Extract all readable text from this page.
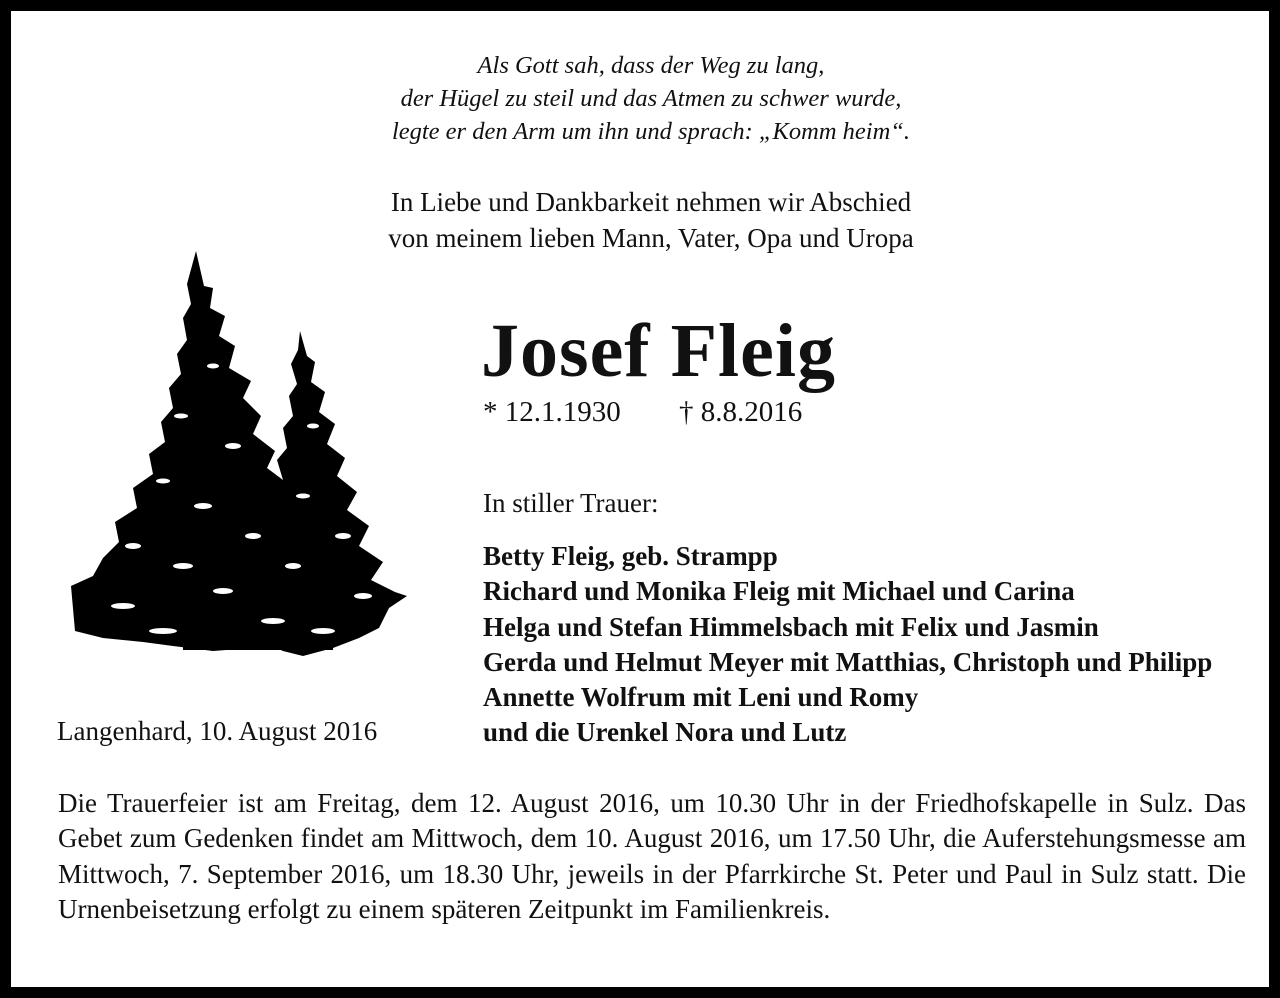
Als Gott sah, dass der Weg zu lang,
der Hügel zu steil und das Atmen zu schwer wurde,
legte er den Arm um ihn und sprach: „Komm heim“.
In Liebe und Dankbarkeit nehmen wir Abschied
von meinem lieben Mann, Vater, Opa und Uropa
Josef Fleig
* 12.1.1930 † 8.8.2016
In stiller Trauer:
Betty Fleig, geb. Strampp
Richard und Monika Fleig mit Michael und Carina
Helga und Stefan Himmelsbach mit Felix und Jasmin
Gerda und Helmut Meyer mit Matthias, Christoph und Philipp
Annette Wolfrum mit Leni und Romy
und die Urenkel Nora und Lutz
Langenhard, 10. August 2016
Die Trauerfeier ist am Freitag, dem 12. August 2016, um 10.30 Uhr in der Friedhofskapelle in Sulz. Das Gebet zum Gedenken findet am Mittwoch, dem 10. August 2016, um 17.50 Uhr, die Auferstehungsmesse am Mittwoch, 7. September 2016, um 18.30 Uhr, jeweils in der Pfarrkirche St. Peter und Paul in Sulz statt. Die Urnenbeisetzung erfolgt zu einem späteren Zeitpunkt im Familienkreis.
